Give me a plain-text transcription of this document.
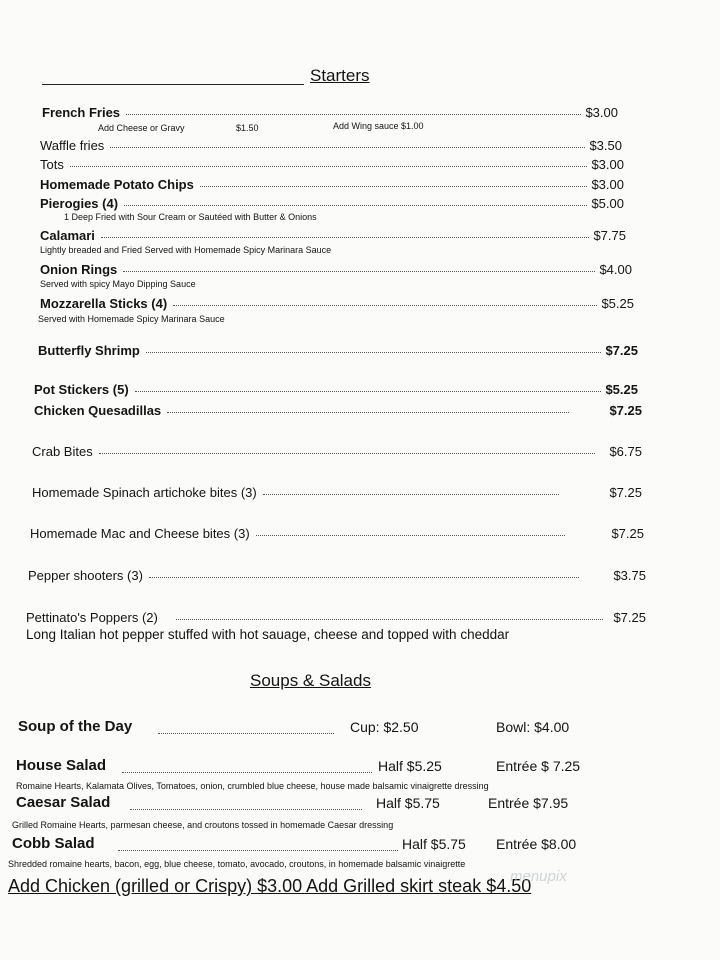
Starters
French Fries	$3.00
Add Cheese or Gravy	$1.50	Add Wing sauce $1.00
Waffle fries	$3.50
Tots	$3.00
Homemade Potato Chips	$3.00
Pierogies (4)	$5.00
1 Deep Fried with Sour Cream or Sautéed with Butter & Onions
Calamari	$7.75
Lightly breaded and Fried Served with Homemade Spicy Marinara Sauce
Onion Rings	$4.00
Served with spicy Mayo Dipping Sauce
Mozzarella Sticks (4)	$5.25
Served with Homemade Spicy Marinara Sauce
Butterfly Shrimp	$7.25
Pot Stickers (5)	$5.25
Chicken Quesadillas	$7.25
Crab Bites	$6.75
Homemade Spinach artichoke bites (3)	$7.25
Homemade Mac and Cheese bites (3)	$7.25
Pepper shooters (3)	$3.75
Pettinato's Poppers (2)	$7.25
Long Italian hot pepper stuffed with hot sauage, cheese and topped with cheddar
Soups & Salads
Soup of the Day	Cup: $2.50	Bowl: $4.00
House Salad	Half $5.25	Entrée $ 7.25
Romaine Hearts, Kalamata Olives, Tomatoes, onion, crumbled blue cheese, house made balsamic vinaigrette dressing
Caesar Salad	Half $5.75	Entrée $7.95
Grilled Romaine Hearts, parmesan cheese, and croutons tossed in homemade Caesar dressing
Cobb Salad	Half $5.75 Entrée $8.00
Shredded romaine hearts, bacon, egg, blue cheese, tomato, avocado, croutons, in homemade balsamic vinaigrette
Add Chicken (grilled or Crispy) $3.00 Add Grilled skirt steak $4.50
menupix
